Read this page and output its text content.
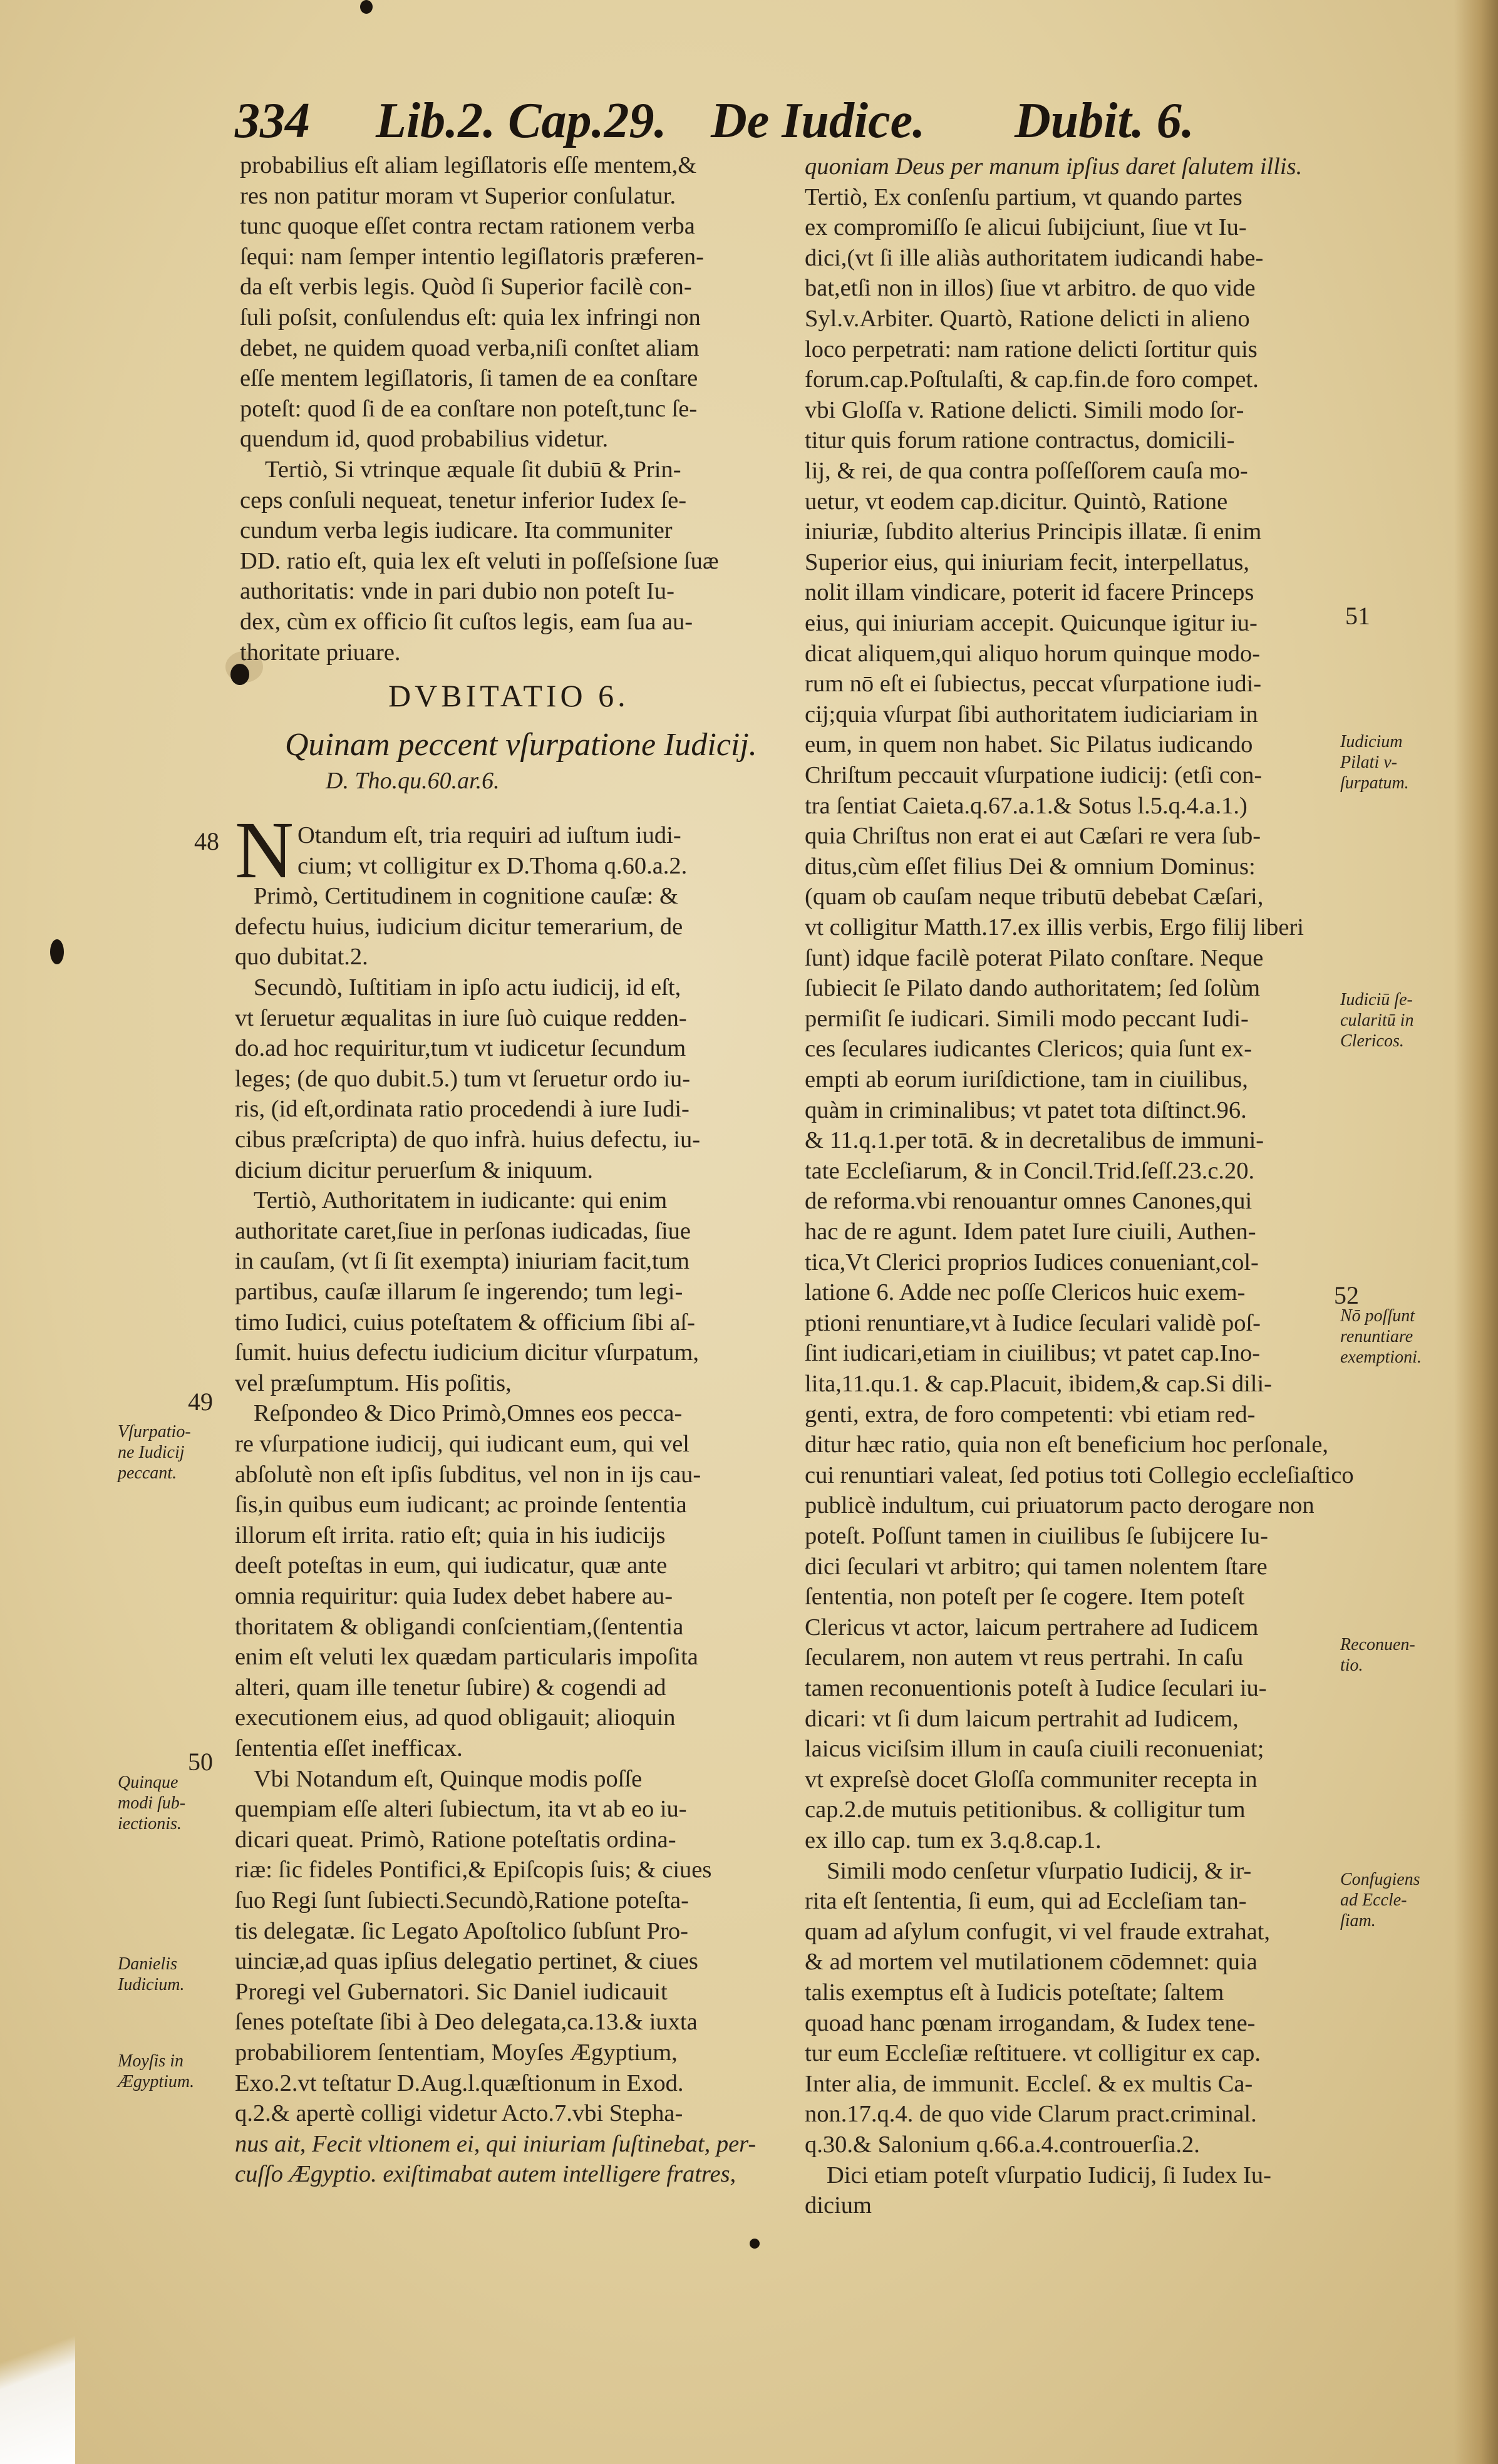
334 Lib.2. Cap.29. De Iudice. Dubit. 6.
probabilius eſt aliam legiſlatoris eſſe mentem,&
res non patitur moram vt Superior conſulatur.
tunc quoque eſſet contra rectam rationem verba
ſequi: nam ſemper intentio legiſlatoris præferen-
da eſt verbis legis. Quòd ſi Superior facilè con-
ſuli poſsit, conſulendus eſt: quia lex infringi non
debet, ne quidem quoad verba,niſi conſtet aliam
eſſe mentem legiſlatoris, ſi tamen de ea conſtare
poteſt: quod ſi de ea conſtare non poteſt,tunc ſe-
quendum id, quod probabilius videtur.
Tertiò, Si vtrinque æquale ſit dubiū & Prin-
ceps conſuli nequeat, tenetur inferior Iudex ſe-
cundum verba legis iudicare. Ita communiter
DD. ratio eſt, quia lex eſt veluti in poſſeſsione ſuæ
authoritatis: vnde in pari dubio non poteſt Iu-
dex, cùm ex officio ſit cuſtos legis, eam ſua au-
thoritate priuare.
DVBITATIO 6.
Quinam peccent vſurpatione Iudicij.
D. Tho.qu.60.ar.6.
N Otandum eſt, tria requiri ad iuſtum iudi-
cium; vt colligitur ex D.Thoma q.60.a.2.
Primò, Certitudinem in cognitione cauſæ: &
defectu huius, iudicium dicitur temerarium, de
quo dubitat.2.
Secundò, Iuſtitiam in ipſo actu iudicij, id eſt,
vt ſeruetur æqualitas in iure ſuò cuique redden-
do.ad hoc requiritur,tum vt iudicetur ſecundum
leges; (de quo dubit.5.) tum vt ſeruetur ordo iu-
ris, (id eſt,ordinata ratio procedendi à iure Iudi-
cibus præſcripta) de quo infrà. huius defectu, iu-
dicium dicitur peruerſum & iniquum.
Tertiò, Authoritatem in iudicante: qui enim
authoritate caret,ſiue in perſonas iudicadas, ſiue
in cauſam, (vt ſi ſit exempta) iniuriam facit,tum
partibus, cauſæ illarum ſe ingerendo; tum legi-
timo Iudici, cuius poteſtatem & officium ſibi aſ-
ſumit. huius defectu iudicium dicitur vſurpatum,
vel præſumptum. His poſitis,
Reſpondeo & Dico Primò,Omnes eos pecca-
re vſurpatione iudicij, qui iudicant eum, qui vel
abſolutè non eſt ipſis ſubditus, vel non in ijs cau-
ſis,in quibus eum iudicant; ac proinde ſententia
illorum eſt irrita. ratio eſt; quia in his iudicijs
deeſt poteſtas in eum, qui iudicatur, quæ ante
omnia requiritur: quia Iudex debet habere au-
thoritatem & obligandi conſcientiam,(ſententia
enim eſt veluti lex quædam particularis impoſita
alteri, quam ille tenetur ſubire) & cogendi ad
executionem eius, ad quod obligauit; alioquin
ſententia eſſet inefficax.
Vbi Notandum eſt, Quinque modis poſſe
quempiam eſſe alteri ſubiectum, ita vt ab eo iu-
dicari queat. Primò, Ratione poteſtatis ordina-
riæ: ſic fideles Pontifici,& Epiſcopis ſuis; & ciues
ſuo Regi ſunt ſubiecti.Secundò,Ratione poteſta-
tis delegatæ. ſic Legato Apoſtolico ſubſunt Pro-
uinciæ,ad quas ipſius delegatio pertinet, & ciues
Proregi vel Gubernatori. Sic Daniel iudicauit
ſenes poteſtate ſibi à Deo delegata,ca.13.& iuxta
probabiliorem ſententiam, Moyſes Ægyptium,
Exo.2.vt teſtatur D.Aug.l.quæſtionum in Exod.
q.2.& apertè colligi videtur Acto.7.vbi Stepha-
nus ait, Fecit vltionem ei, qui iniuriam ſuſtinebat, per-
cuſſo Ægyptio. exiſtimabat autem intelligere fratres,
48
49
50
Vſurpatio-
ne Iudicij
peccant.
Quinque
modi ſub-
iectionis.
Danielis
Iudicium.
Moyſis in
Ægyptium.
quoniam Deus per manum ipſius daret ſalutem illis.
Tertiò, Ex conſenſu partium, vt quando partes
ex compromiſſo ſe alicui ſubijciunt, ſiue vt Iu-
dici,(vt ſi ille aliàs authoritatem iudicandi habe-
bat,etſi non in illos) ſiue vt arbitro. de quo vide
Syl.v.Arbiter. Quartò, Ratione delicti in alieno
loco perpetrati: nam ratione delicti ſortitur quis
forum.cap.Poſtulaſti, & cap.fin.de foro compet.
vbi Gloſſa v. Ratione delicti. Simili modo ſor-
titur quis forum ratione contractus, domicili-
lij, & rei, de qua contra poſſeſſorem cauſa mo-
uetur, vt eodem cap.dicitur. Quintò, Ratione
iniuriæ, ſubdito alterius Principis illatæ. ſi enim
Superior eius, qui iniuriam fecit, interpellatus,
nolit illam vindicare, poterit id facere Princeps
eius, qui iniuriam accepit. Quicunque igitur iu-
dicat aliquem,qui aliquo horum quinque modo-
rum nō eſt ei ſubiectus, peccat vſurpatione iudi-
cij;quia vſurpat ſibi authoritatem iudiciariam in
eum, in quem non habet. Sic Pilatus iudicando
Chriſtum peccauit vſurpatione iudicij: (etſi con-
tra ſentiat Caieta.q.67.a.1.& Sotus l.5.q.4.a.1.)
quia Chriſtus non erat ei aut Cæſari re vera ſub-
ditus,cùm eſſet filius Dei & omnium Dominus:
(quam ob cauſam neque tributū debebat Cæſari,
vt colligitur Matth.17.ex illis verbis, Ergo filij liberi
ſunt) idque facilè poterat Pilato conſtare. Neque
ſubiecit ſe Pilato dando authoritatem; ſed ſolùm
permiſit ſe iudicari. Simili modo peccant Iudi-
ces ſeculares iudicantes Clericos; quia ſunt ex-
empti ab eorum iuriſdictione, tam in ciuilibus,
quàm in criminalibus; vt patet tota diſtinct.96.
& 11.q.1.per totā. & in decretalibus de immuni-
tate Eccleſiarum, & in Concil.Trid.ſeſſ.23.c.20.
de reforma.vbi renouantur omnes Canones,qui
hac de re agunt. Idem patet Iure ciuili, Authen-
tica,Vt Clerici proprios Iudices conueniant,col-
latione 6. Adde nec poſſe Clericos huic exem-
ptioni renuntiare,vt à Iudice ſeculari validè poſ-
ſint iudicari,etiam in ciuilibus; vt patet cap.Ino-
lita,11.qu.1. & cap.Placuit, ibidem,& cap.Si dili-
genti, extra, de foro competenti: vbi etiam red-
ditur hæc ratio, quia non eſt beneficium hoc perſonale,
cui renuntiari valeat, ſed potius toti Collegio eccleſiaſtico
publicè indultum, cui priuatorum pacto derogare non
poteſt. Poſſunt tamen in ciuilibus ſe ſubijcere Iu-
dici ſeculari vt arbitro; qui tamen nolentem ſtare
ſententia, non poteſt per ſe cogere. Item poteſt
Clericus vt actor, laicum pertrahere ad Iudicem
ſecularem, non autem vt reus pertrahi. In caſu
tamen reconuentionis poteſt à Iudice ſeculari iu-
dicari: vt ſi dum laicum pertrahit ad Iudicem,
laicus viciſsim illum in cauſa ciuili reconueniat;
vt expreſsè docet Gloſſa communiter recepta in
cap.2.de mutuis petitionibus. & colligitur tum
ex illo cap. tum ex 3.q.8.cap.1.
Simili modo cenſetur vſurpatio Iudicij, & ir-
rita eſt ſententia, ſi eum, qui ad Eccleſiam tan-
quam ad aſylum confugit, vi vel fraude extrahat,
& ad mortem vel mutilationem cōdemnet: quia
talis exemptus eſt à Iudicis poteſtate; ſaltem
quoad hanc pœnam irrogandam, & Iudex tene-
tur eum Eccleſiæ reſtituere. vt colligitur ex cap.
Inter alia, de immunit. Eccleſ. & ex multis Ca-
non.17.q.4. de quo vide Clarum pract.criminal.
q.30.& Salonium q.66.a.4.controuerſia.2.
Dici etiam poteſt vſurpatio Iudicij, ſi Iudex Iu-
dicium
51
52
Iudicium
Pilati v-
ſurpatum.
Iudiciū ſe-
cularitū in
Clericos.
Nō poſſunt
renuntiare
exemptioni.
Reconuen-
tio.
Confugiens
ad Eccle-
ſiam.
